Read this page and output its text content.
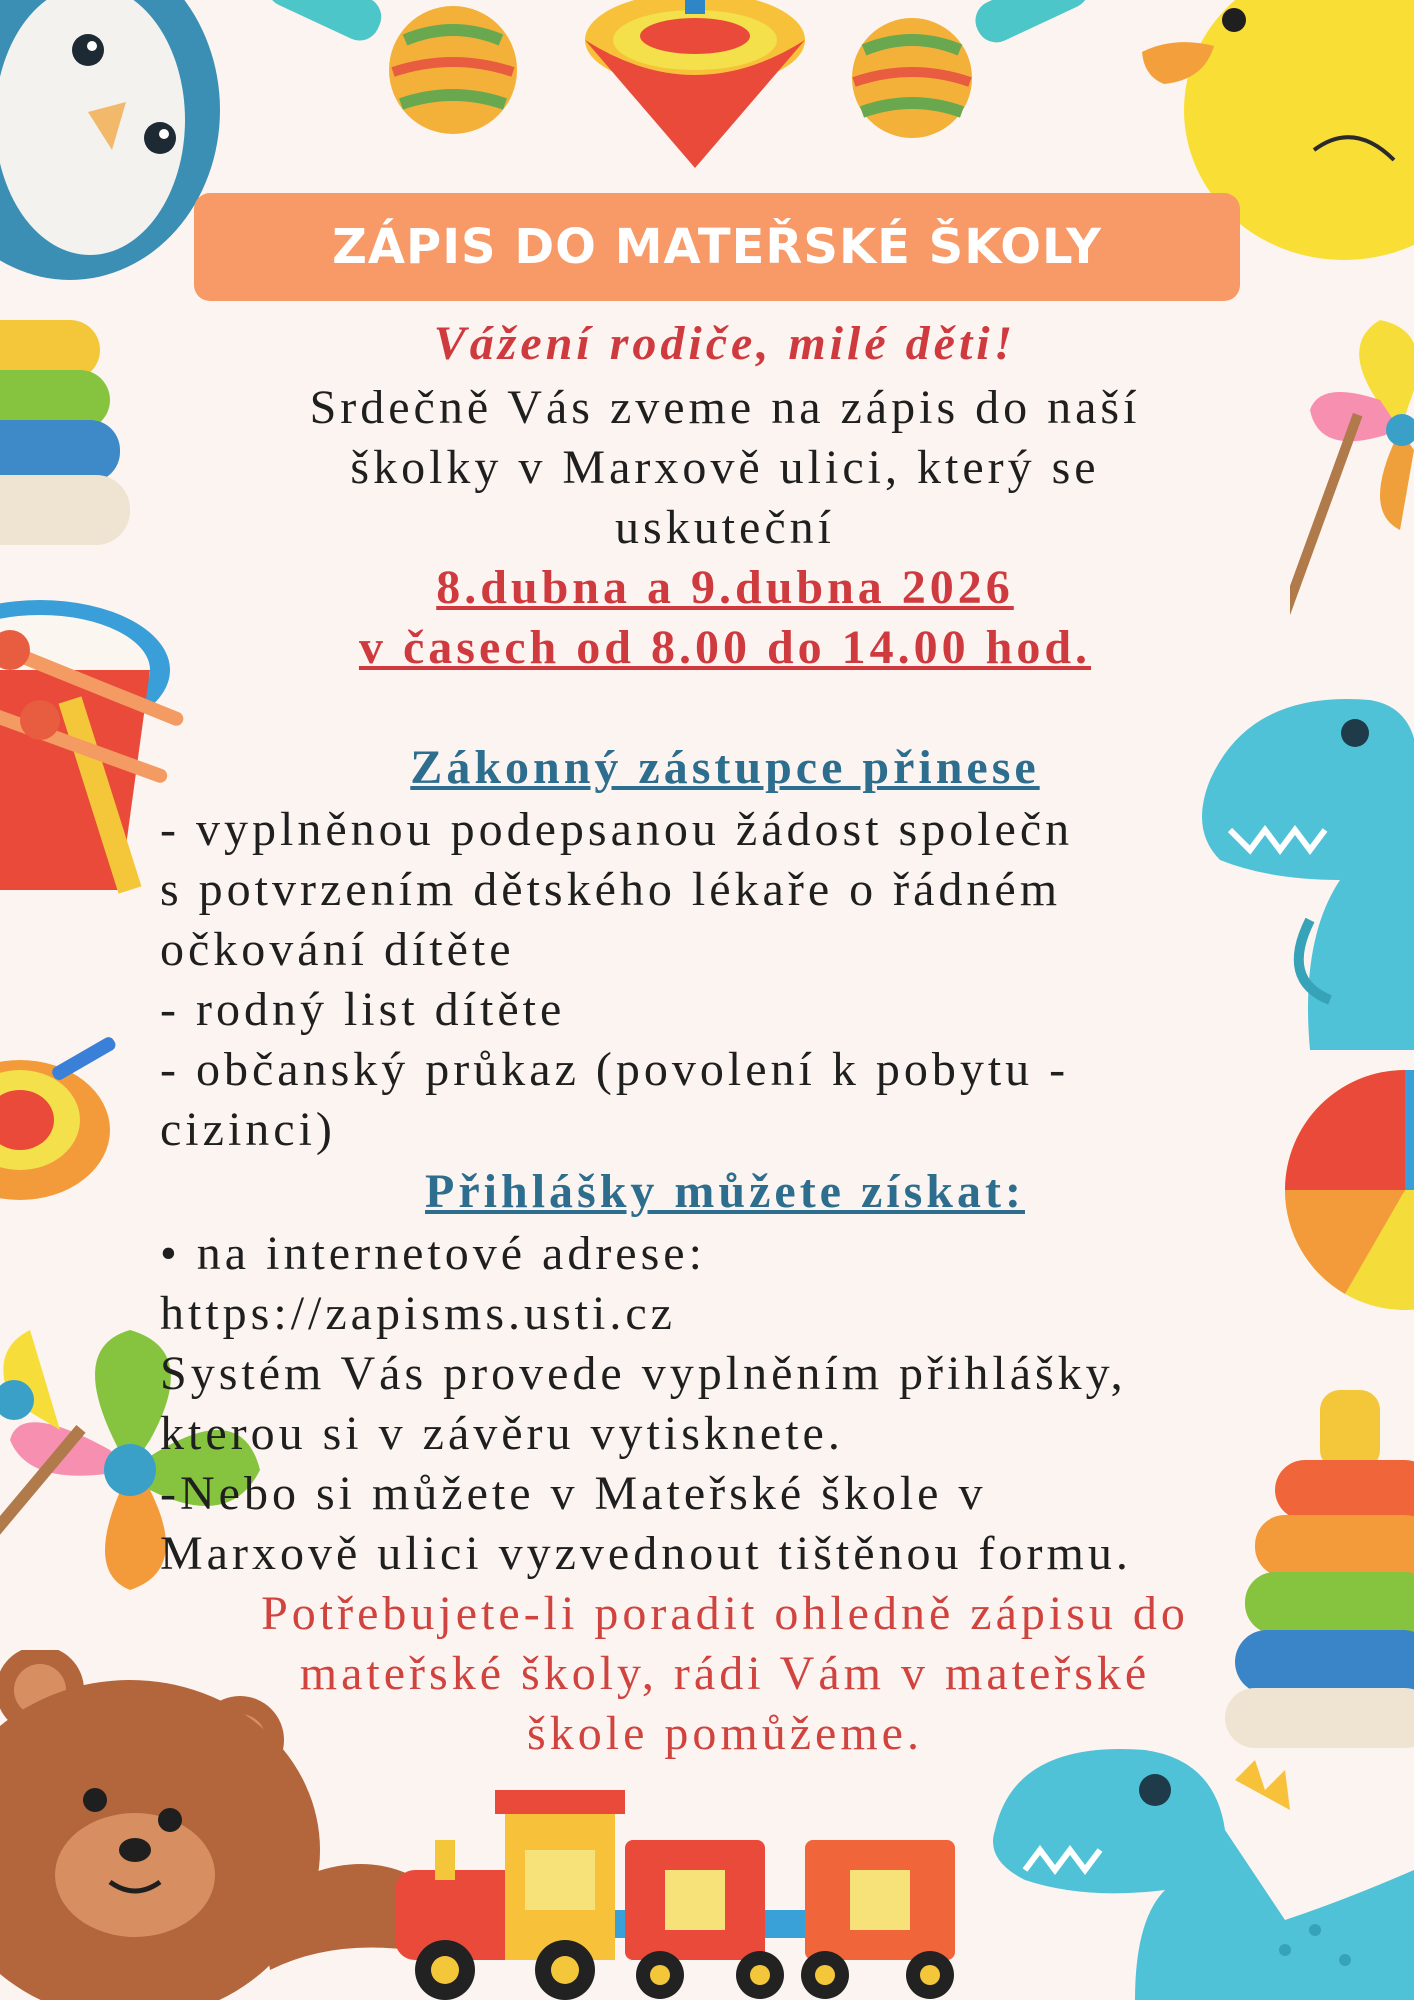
ZÁPIS DO MATEŘSKÉ ŠKOLY
Vážení rodiče, milé děti!
Srdečně Vás zveme na zápis do naší
školky v Marxově ulici, který se
uskuteční
8.dubna a 9.dubna 2026
v časech od 8.00 do 14.00 hod.
Zákonný zástupce přinese
- vyplněnou podepsanou žádost společn
s potvrzením dětského lékaře o řádném
očkování dítěte
- rodný list dítěte
- občanský průkaz (povolení k pobytu -
cizinci)
Přihlášky můžete získat:
• na internetové adrese:
https://zapisms.usti.cz
Systém Vás provede vyplněním přihlášky,
kterou si v závěru vytisknete.
-Nebo si můžete v Mateřské škole v
Marxově ulici vyzvednout tištěnou formu.
Potřebujete-li poradit ohledně zápisu do
mateřské školy, rádi Vám v mateřské
škole pomůžeme.
